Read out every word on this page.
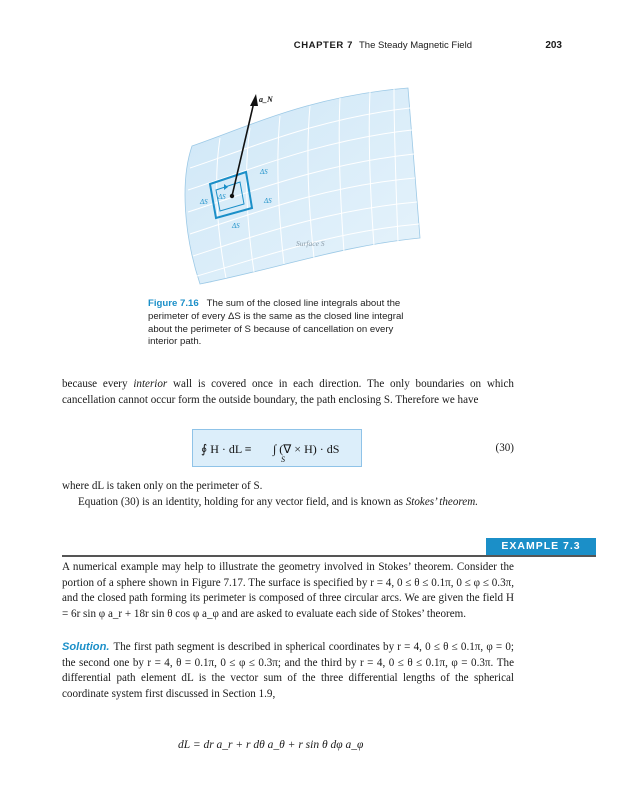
CHAPTER 7 The Steady Magnetic Field	203
a_N
ΔS
ΔS
ΔS	ΔS
ΔS
Surface S
Figure 7.16 The sum of the closed line integrals about the perimeter of every ΔS is the same as the closed line integral about the perimeter of S because of cancellation on every interior path.

because every interior wall is covered once in each direction. The only boundaries on which cancellation cannot occur form the outside boundary, the path enclosing S. Therefore we have

∮ H · dL ≡ ∫ (∇ × H) · dS
S
(30)

where dL is taken only on the perimeter of S.

Equation (30) is an identity, holding for any vector field, and is known as Stokes’ theorem.

EXAMPLE 7.3

A numerical example may help to illustrate the geometry involved in Stokes’ theorem. Consider the portion of a sphere shown in Figure 7.17. The surface is specified by r = 4, 0 ≤ θ ≤ 0.1π, 0 ≤ φ ≤ 0.3π, and the closed path forming its perimeter is composed of three circular arcs. We are given the field H = 6r sin φ a_r + 18r sin θ cos φ a_φ and are asked to evaluate each side of Stokes’ theorem.

Solution. The first path segment is described in spherical coordinates by r = 4, 0 ≤ θ ≤ 0.1π, φ = 0; the second one by r = 4, θ = 0.1π, 0 ≤ φ ≤ 0.3π; and the third by r = 4, 0 ≤ θ ≤ 0.1π, φ = 0.3π. The differential path element dL is the vector sum of the three differential lengths of the spherical coordinate system first discussed in Section 1.9,

dL = dr a_r + r dθ a_θ + r sin θ dφ a_φ
